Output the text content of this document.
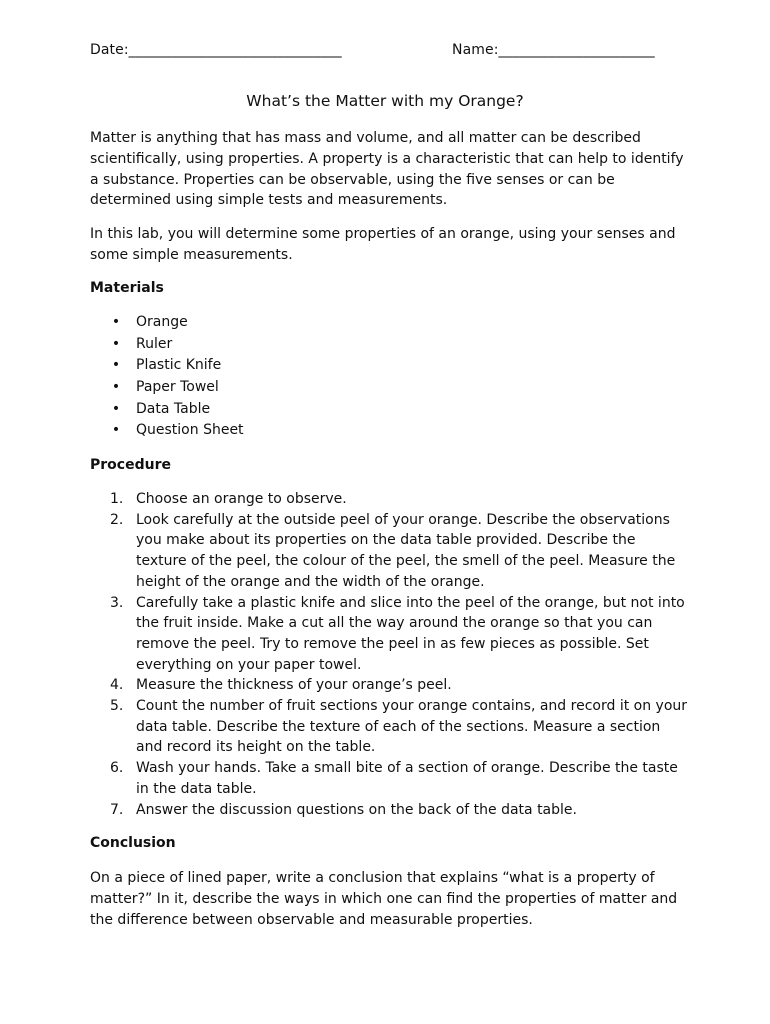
Date:______________________________	Name:______________________
What’s the Matter with my Orange?

Matter is anything that has mass and volume, and all matter can be described scientifically, using properties. A property is a characteristic that can help to identify a substance. Properties can be observable, using the five senses or can be determined using simple tests and measurements.

In this lab, you will determine some properties of an orange, using your senses and some simple measurements.

Materials
• Orange
• Ruler
• Plastic Knife
• Paper Towel
• Data Table
• Question Sheet
Procedure
1. Choose an orange to observe.
2. Look carefully at the outside peel of your orange. Describe the observations you make about its properties on the data table provided. Describe the texture of the peel, the colour of the peel, the smell of the peel. Measure the height of the orange and the width of the orange.
3. Carefully take a plastic knife and slice into the peel of the orange, but not into the fruit inside. Make a cut all the way around the orange so that you can remove the peel. Try to remove the peel in as few pieces as possible. Set everything on your paper towel.
4. Measure the thickness of your orange’s peel.
5. Count the number of fruit sections your orange contains, and record it on your data table. Describe the texture of each of the sections. Measure a section and record its height on the table.
6. Wash your hands. Take a small bite of a section of orange. Describe the taste in the data table.
7. Answer the discussion questions on the back of the data table.
Conclusion

On a piece of lined paper, write a conclusion that explains “what is a property of matter?” In it, describe the ways in which one can find the properties of matter and the difference between observable and measurable properties.
